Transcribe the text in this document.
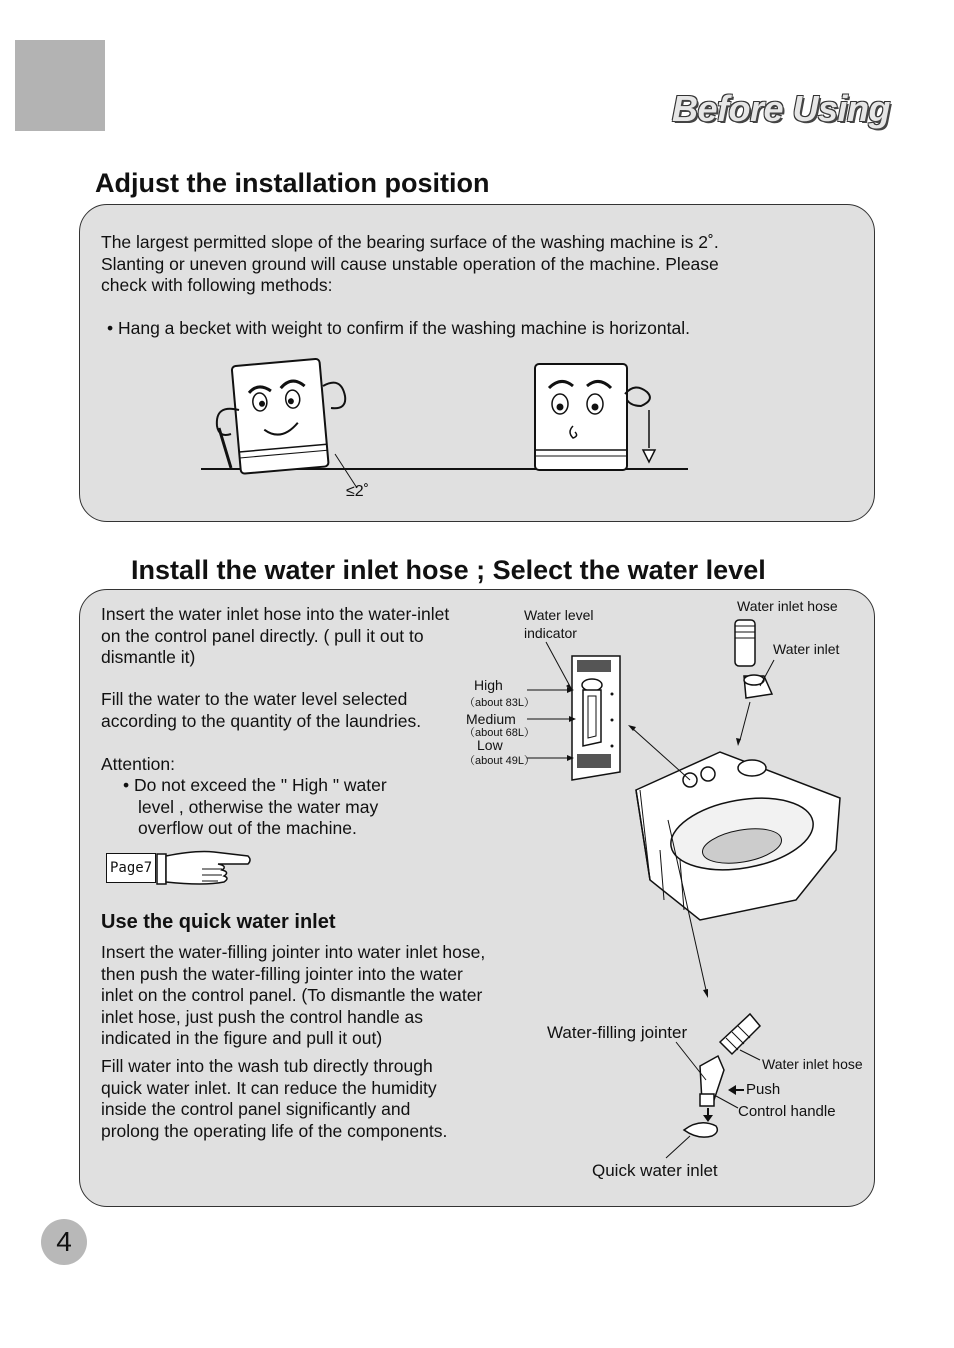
Before Using
Adjust the installation position
The largest permitted slope of the bearing surface of the washing machine is 2˚.
Slanting or uneven ground will cause unstable operation of the machine. Please
check with following methods:
• Hang a becket with weight to confirm if the washing machine is horizontal.
≤2˚
Install the water inlet hose ; Select the water level
Insert the water inlet hose into the water-inlet
on the control panel directly. ( pull it out to
dismantle it)
Fill the water to the water level selected
according to the quantity of the laundries.
Attention:
• Do not exceed the " High " water
level , otherwise the water may
overflow out of the machine.
Page7
Use the quick water inlet
Insert the water-filling jointer into water inlet hose,
then push the water-filling jointer into the water
inlet on the control panel. (To dismantle the water
inlet hose, just push the control handle as
indicated in the figure and pull it out)
Fill water into the wash tub directly through
quick water inlet. It can reduce the humidity
inside the control panel significantly and
prolong the operating life of the components.
Water level
indicator
Water inlet hose
Water inlet
High
（about 83L）
Medium
（about 68L）
Low
（about 49L）
Water-filling jointer
Water inlet hose
Push
Control handle
Quick water inlet
4
